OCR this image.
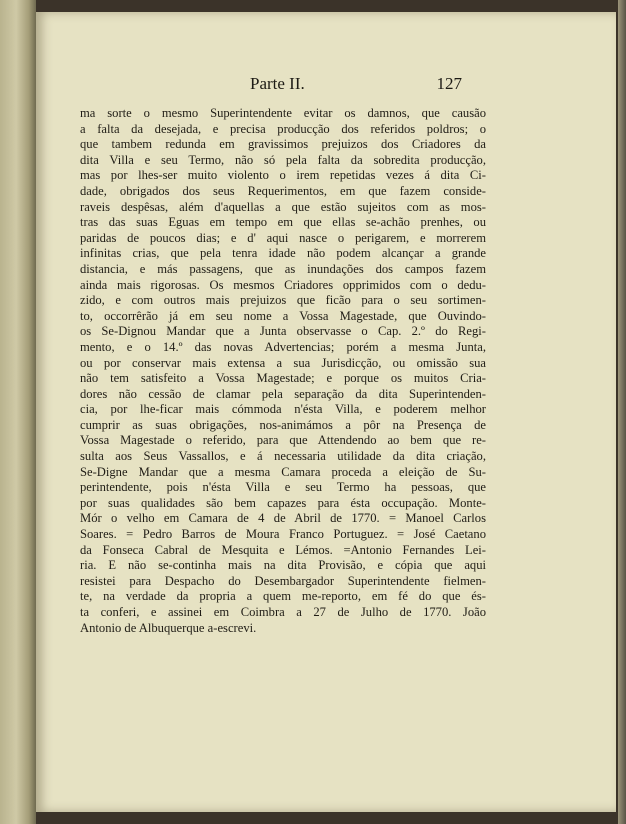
Parte II.	127
ma sorte o mesmo Superintendente evitar os damnos, que causão
a falta da desejada, e precisa producção dos referidos poldros; o
que tambem redunda em gravissimos prejuizos dos Criadores da
dita Villa e seu Termo, não só pela falta da sobredita producção,
mas por lhes-ser muito violento o irem repetidas vezes á dita Ci-
dade, obrigados dos seus Requerimentos, em que fazem conside-
raveis despêsas, além d'aquellas a que estão sujeitos com as mos-
tras das suas Eguas em tempo em que ellas se-achão prenhes, ou
paridas de poucos dias; e d' aqui nasce o perigarem, e morrerem
infinitas crias, que pela tenra idade não podem alcançar a grande
distancia, e más passagens, que as inundações dos campos fazem
ainda mais rigorosas. Os mesmos Criadores opprimidos com o dedu-
zido, e com outros mais prejuizos que ficão para o seu sortimen-
to, occorrêrão já em seu nome a Vossa Magestade, que Ouvindo-
os Se-Dignou Mandar que a Junta observasse o Cap. 2.º do Regi-
mento, e o 14.º das novas Advertencias; porém a mesma Junta,
ou por conservar mais extensa a sua Jurisdicção, ou omissão sua
não tem satisfeito a Vossa Magestade; e porque os muitos Cria-
dores não cessão de clamar pela separação da dita Superintenden-
cia, por lhe-ficar mais cómmoda n'ésta Villa, e poderem melhor
cumprir as suas obrigações, nos-animámos a pôr na Presença de
Vossa Magestade o referido, para que Attendendo ao bem que re-
sulta aos Seus Vassallos, e á necessaria utilidade da dita criação,
Se-Digne Mandar que a mesma Camara proceda a eleição de Su-
perintendente, pois n'ésta Villa e seu Termo ha pessoas, que
por suas qualidades são bem capazes para ésta occupação. Monte-
Mór o velho em Camara de 4 de Abril de 1770. = Manoel Carlos
Soares. = Pedro Barros de Moura Franco Portuguez. = José Caetano
da Fonseca Cabral de Mesquita e Lémos. =Antonio Fernandes Lei-
ria. E não se-continha mais na dita Provisão, e cópia que aqui
resistei para Despacho do Desembargador Superintendente fielmen-
te, na verdade da propria a quem me-reporto, em fé do que és-
ta conferi, e assinei em Coimbra a 27 de Julho de 1770. João
Antonio de Albuquerque a-escrevi.
